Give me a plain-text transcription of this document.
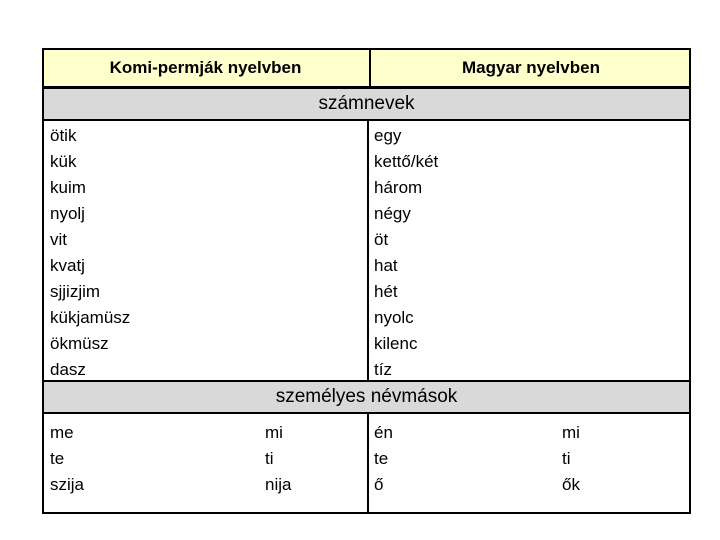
Komi-permják nyelvben	Magyar nyelvben
számnevek
ötik
kük
kuim
nyolj
vit
kvatj
sjjizjim
kükjamüsz
ökmüsz
dasz
egy
kettő/két
három
négy
öt
hat
hét
nyolc
kilenc
tíz
személyes névmások
me
te
szija
mi
ti
nija
én
te
ő
mi
ti
ők
